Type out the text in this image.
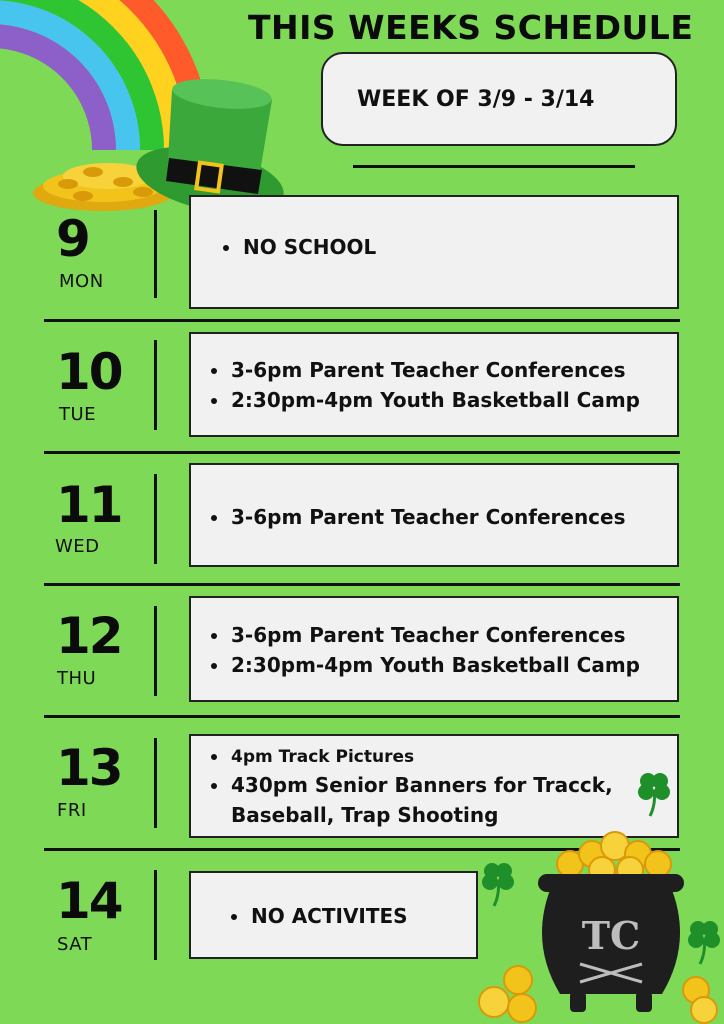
THIS WEEKS SCHEDULE
WEEK OF 3/9 - 3/14
9
MON
NO SCHOOL
10
TUE
3-6pm Parent Teacher Conferences
2:30pm-4pm Youth Basketball Camp
11
WED
3-6pm Parent Teacher Conferences
12
THU
3-6pm Parent Teacher Conferences
2:30pm-4pm Youth Basketball Camp
13
FRI
4pm Track Pictures
430pm Senior Banners for Tracck, Baseball, Trap Shooting
14
SAT
NO ACTIVITES	TC
